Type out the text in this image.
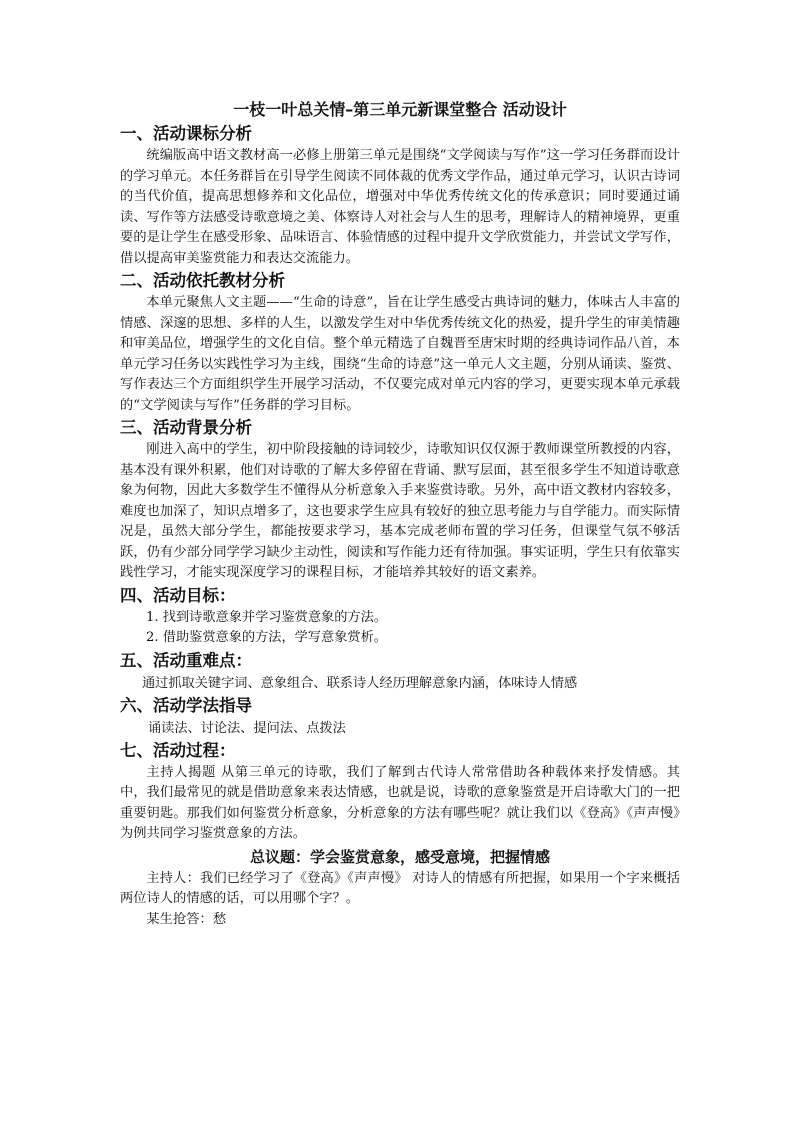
一枝一叶总关情–第三单元新课堂整合 活动设计

一、活动课标分析

统编版高中语文教材高一必修上册第三单元是围绕“文学阅读与写作”这一学习任务群而设计的学习单元。本任务群旨在引导学生阅读不同体裁的优秀文学作品，通过单元学习，认识古诗词的当代价值，提高思想修养和文化品位，增强对中华优秀传统文化的传承意识；同时要通过诵读、写作等方法感受诗歌意境之美、体察诗人对社会与人生的思考，理解诗人的精神境界，更重要的是让学生在感受形象、品味语言、体验情感的过程中提升文学欣赏能力，并尝试文学写作，借以提高审美鉴赏能力和表达交流能力。

二、活动依托教材分析

本单元聚焦人文主题——“生命的诗意”，旨在让学生感受古典诗词的魅力，体味古人丰富的情感、深邃的思想、多样的人生，以激发学生对中华优秀传统文化的热爱，提升学生的审美情趣和审美品位，增强学生的文化自信。整个单元精选了自魏晋至唐宋时期的经典诗词作品八首，本单元学习任务以实践性学习为主线，围绕“生命的诗意”这一单元人文主题，分别从诵读、鉴赏、写作表达三个方面组织学生开展学习活动，不仅要完成对单元内容的学习，更要实现本单元承载的“文学阅读与写作”任务群的学习目标。

三、活动背景分析

刚进入高中的学生，初中阶段接触的诗词较少，诗歌知识仅仅源于教师课堂所教授的内容，基本没有课外积累，他们对诗歌的了解大多停留在背诵、默写层面，甚至很多学生不知道诗歌意象为何物，因此大多数学生不懂得从分析意象入手来鉴赏诗歌。另外，高中语文教材内容较多，难度也加深了，知识点增多了，这也要求学生应具有较好的独立思考能力与自学能力。而实际情况是，虽然大部分学生，都能按要求学习，基本完成老师布置的学习任务，但课堂气氛不够活跃，仍有少部分同学学习缺少主动性，阅读和写作能力还有待加强。事实证明，学生只有依靠实践性学习，才能实现深度学习的课程目标，才能培养其较好的语文素养。

四、活动目标：

1. 找到诗歌意象并学习鉴赏意象的方法。

2. 借助鉴赏意象的方法，学写意象赏析。

五、活动重难点：

通过抓取关键字词、意象组合、联系诗人经历理解意象内涵，体味诗人情感

六、活动学法指导

诵读法、讨论法、提问法、点拨法

七、活动过程：

主持人揭题 从第三单元的诗歌，我们了解到古代诗人常常借助各种载体来抒发情感。其中，我们最常见的就是借助意象来表达情感，也就是说，诗歌的意象鉴赏是开启诗歌大门的一把重要钥匙。那我们如何鉴赏分析意象，分析意象的方法有哪些呢？就让我们以《登高》《声声慢》为例共同学习鉴赏意象的方法。

总议题：学会鉴赏意象，感受意境，把握情感

主持人：我们已经学习了《登高》《声声慢》 对诗人的情感有所把握，如果用一个字来概括两位诗人的情感的话，可以用哪个字？。

某生抢答：愁
